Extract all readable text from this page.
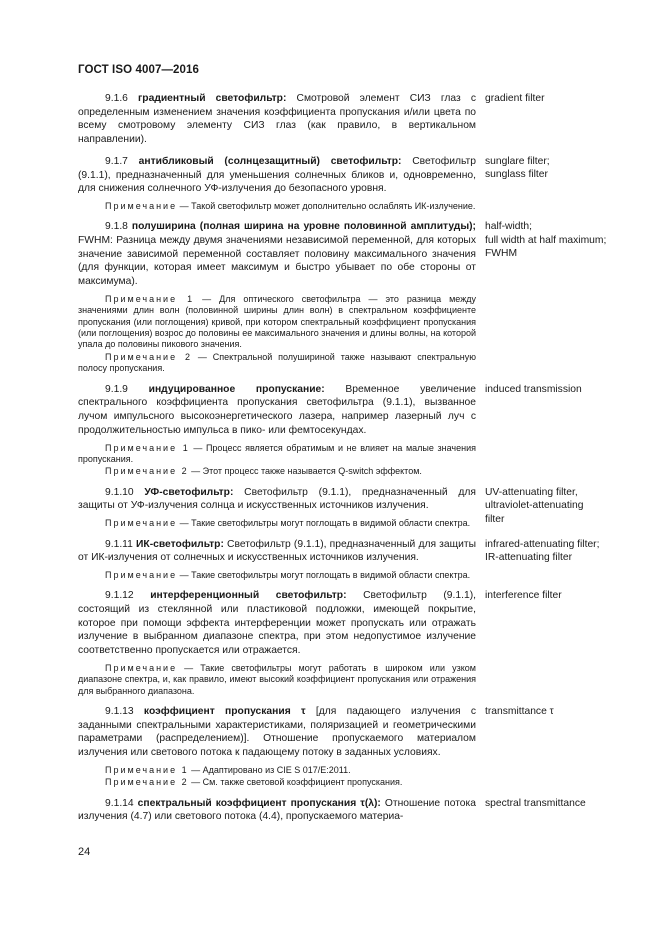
ГОСТ ISO 4007—2016

9.1.6 градиентный светофильтр: Смотровой элемент СИЗ глаз с определенным изменением значения коэффициента пропускания и/или цвета по всему смотровому элементу СИЗ глаз (как правило, в вертикальном направлении).

gradient filter

9.1.7 антибликовый (солнцезащитный) светофильтр: Светофильтр (9.1.1), предназначенный для уменьшения солнечных бликов и, одновременно, для снижения солнечного УФ-излучения до безопасного уровня.

Примечание — Такой светофильтр может дополнительно ослаблять ИК-излучение.

sunglare filter;
sunglass filter

9.1.8 полуширина (полная ширина на уровне половинной амплитуды); FWHM: Разница между двумя значениями независимой переменной, для которых значение зависимой переменной составляет половину максимального значения (для функции, которая имеет максимум и быстро убывает по обе стороны от максимума).

Примечание 1 — Для оптического светофильтра — это разница между значениями длин волн (половинной ширины длин волн) в спектральном коэффициенте пропускания (или поглощения) кривой, при котором спектральный коэффициент пропускания (или поглощения) возрос до половины ее максимального значения и длины волны, на которой упала до половины пикового значения.

Примечание 2 — Спектральной полушириной также называют спектральную полосу пропускания.

half-width;
full width at half maximum;
FWHM

9.1.9 индуцированное пропускание: Временное увеличение спектрального коэффициента пропускания светофильтра (9.1.1), вызванное лучом импульсного высокоэнергетического лазера, например лазерный луч с продолжительностью импульса в пико- или фемтосекундах.

Примечание 1 — Процесс является обратимым и не влияет на малые значения пропускания.

Примечание 2 — Этот процесс также называется Q-switch эффектом.

induced transmission

9.1.10 УФ-светофильтр: Светофильтр (9.1.1), предназначенный для защиты от УФ-излучения солнца и искусственных источников излучения.

Примечание — Такие светофильтры могут поглощать в видимой области спектра.

UV-attenuating filter,
ultraviolet-attenuating
filter

9.1.11 ИК-светофильтр: Светофильтр (9.1.1), предназначенный для защиты от ИК-излучения от солнечных и искусственных источников излучения.

Примечание — Такие светофильтры могут поглощать в видимой области спектра.

infrared-attenuating filter;
IR-attenuating filter

9.1.12 интерференционный светофильтр: Светофильтр (9.1.1), состоящий из стеклянной или пластиковой подложки, имеющей покрытие, которое при помощи эффекта интерференции может пропускать или отражать излучение в выбранном диапазоне спектра, при этом недопустимое излучение соответственно пропускается или отражается.

Примечание — Такие светофильтры могут работать в широком или узком диапазоне спектра, и, как правило, имеют высокий коэффициент пропускания или отражения для выбранного диапазона.

interference filter

9.1.13 коэффициент пропускания τ [для падающего излучения с заданными спектральными характеристиками, поляризацией и геометрическими параметрами (распределением)]. Отношение пропускаемого материалом излучения или светового потока к падающему потоку в заданных условиях.

Примечание 1 — Адаптировано из CIE S 017/E:2011.

Примечание 2 — См. также световой коэффициент пропускания.

transmittance τ

9.1.14 спектральный коэффициент пропускания τ(λ): Отношение потока излучения (4.7) или светового потока (4.4), пропускаемого материа-

spectral transmittance
24
